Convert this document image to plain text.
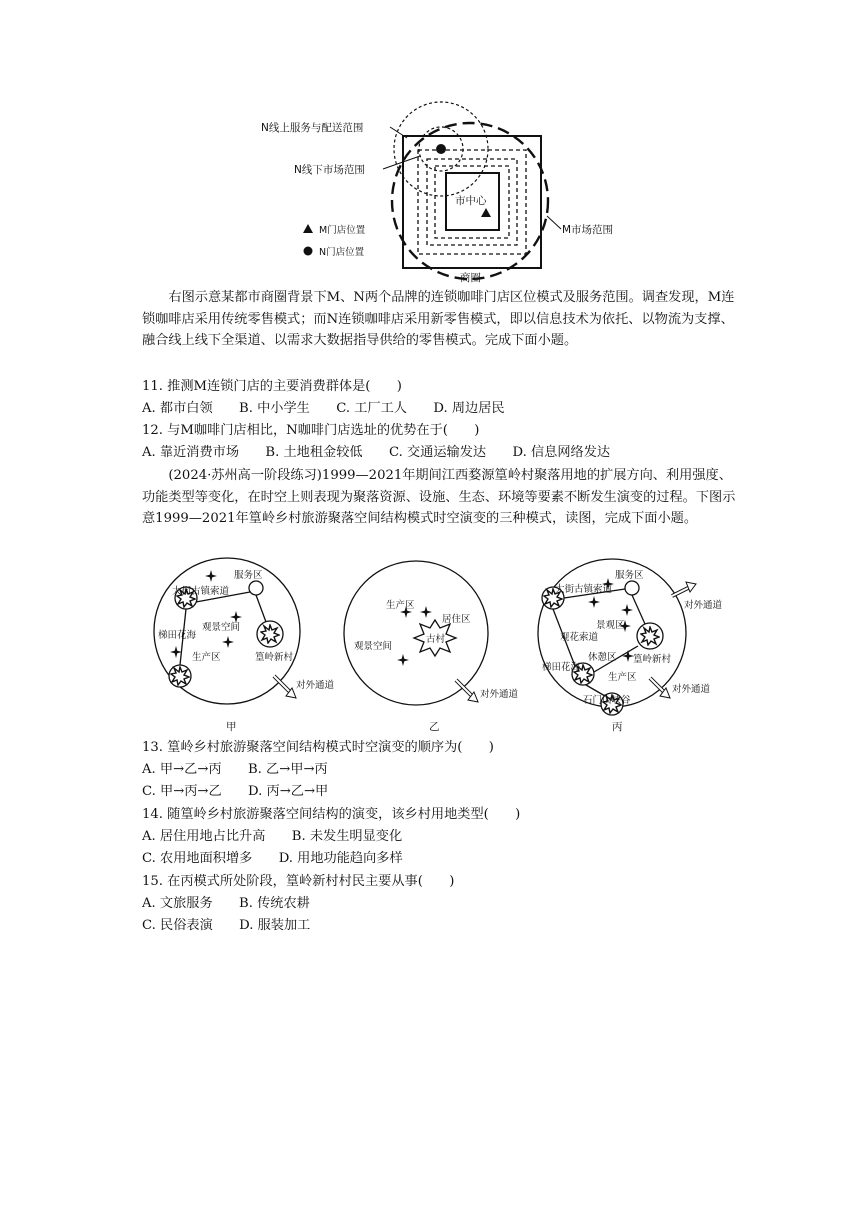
N线上服务与配送范围
N线下市场范围
市中心
M市场范围
商圈
M门店位置
N门店位置
右图示意某都市商圈背景下M、N两个品牌的连锁咖啡门店区位模式及服务范围。调查发现，M连锁咖啡店采用传统零售模式；而N连锁咖啡店采用新零售模式，即以信息技术为依托、以物流为支撑、融合线上线下全渠道、以需求大数据指导供给的零售模式。完成下面小题。
11. 推测M连锁门店的主要消费群体是(　　)
A. 都市白领　　B. 中小学生　　C. 工厂工人　　D. 周边居民
12. 与M咖啡门店相比，N咖啡门店选址的优势在于(　　)
A. 靠近消费市场　　B. 土地租金较低　　C. 交通运输发达　　D. 信息网络发达
(2024·苏州高一阶段练习)1999—2021年期间江西婺源篁岭村聚落用地的扩展方向、利用强度、功能类型等变化，在时空上则表现为聚落资源、设施、生态、环境等要素不断发生演变的过程。下图示意1999—2021年篁岭乡村旅游聚落空间结构模式时空演变的三种模式，读图，完成下面小题。
服务区
大街古镇索道
观景空间
梯田花海
生产区	篁岭新村
对外通道
甲
生产区
居住区
观景空间
古村
对外通道
乙
服务区
大街古镇索道
景观区
观花索道
休憩区
梯田花海
篁岭新村
生产区
石门山峡谷
对外通道
对外通道
丙
13. 篁岭乡村旅游聚落空间结构模式时空演变的顺序为(　　)
A. 甲→乙→丙　　B. 乙→甲→丙
C. 甲→丙→乙　　D. 丙→乙→甲
14. 随篁岭乡村旅游聚落空间结构的演变，该乡村用地类型(　　)
A. 居住用地占比升高　　B. 未发生明显变化
C. 农用地面积增多　　D. 用地功能趋向多样
15. 在丙模式所处阶段，篁岭新村村民主要从事(　　)
A. 文旅服务　　B. 传统农耕
C. 民俗表演　　D. 服装加工
